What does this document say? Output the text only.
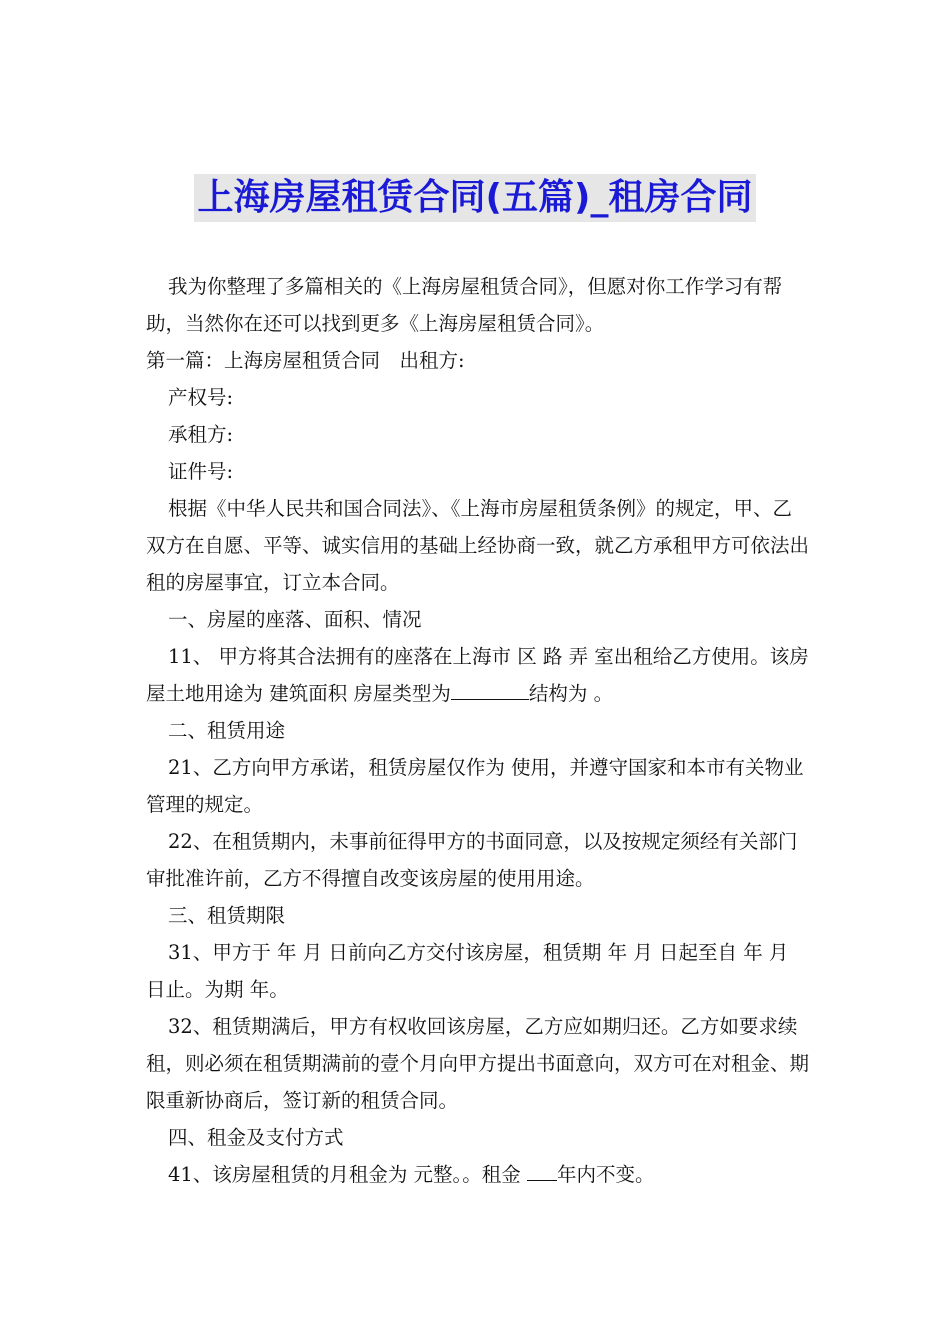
上海房屋租赁合同(五篇)_租房合同

我为你整理了多篇相关的《上海房屋租赁合同》，但愿对你工作学习有帮助，当然你在还可以找到更多《上海房屋租赁合同》。

第一篇：上海房屋租赁合同　出租方:

产权号:

承租方:

证件号:

根据《中华人民共和国合同法》、《上海市房屋租赁条例》的规定，甲、乙双方在自愿、平等、诚实信用的基础上经协商一致，就乙方承租甲方可依法出租的房屋事宜，订立本合同。

一、房屋的座落、面积、情况

11、 甲方将其合法拥有的座落在上海市 区 路 弄 室出租给乙方使用。该房屋土地用途为 建筑面积 房屋类型为	结构为 。

二、租赁用途

21、乙方向甲方承诺，租赁房屋仅作为 使用，并遵守国家和本市有关物业管理的规定。

22、在租赁期内，未事前征得甲方的书面同意，以及按规定须经有关部门审批准许前，乙方不得擅自改变该房屋的使用用途。

三、租赁期限

31、甲方于 年 月 日前向乙方交付该房屋，租赁期 年 月 日起至自 年 月 日止。为期 年。

32、租赁期满后，甲方有权收回该房屋，乙方应如期归还。乙方如要求续租，则必须在租赁期满前的壹个月向甲方提出书面意向，双方可在对租金、期限重新协商后，签订新的租赁合同。

四、租金及支付方式

41、该房屋租赁的月租金为 元整。。租金 年内不变。
